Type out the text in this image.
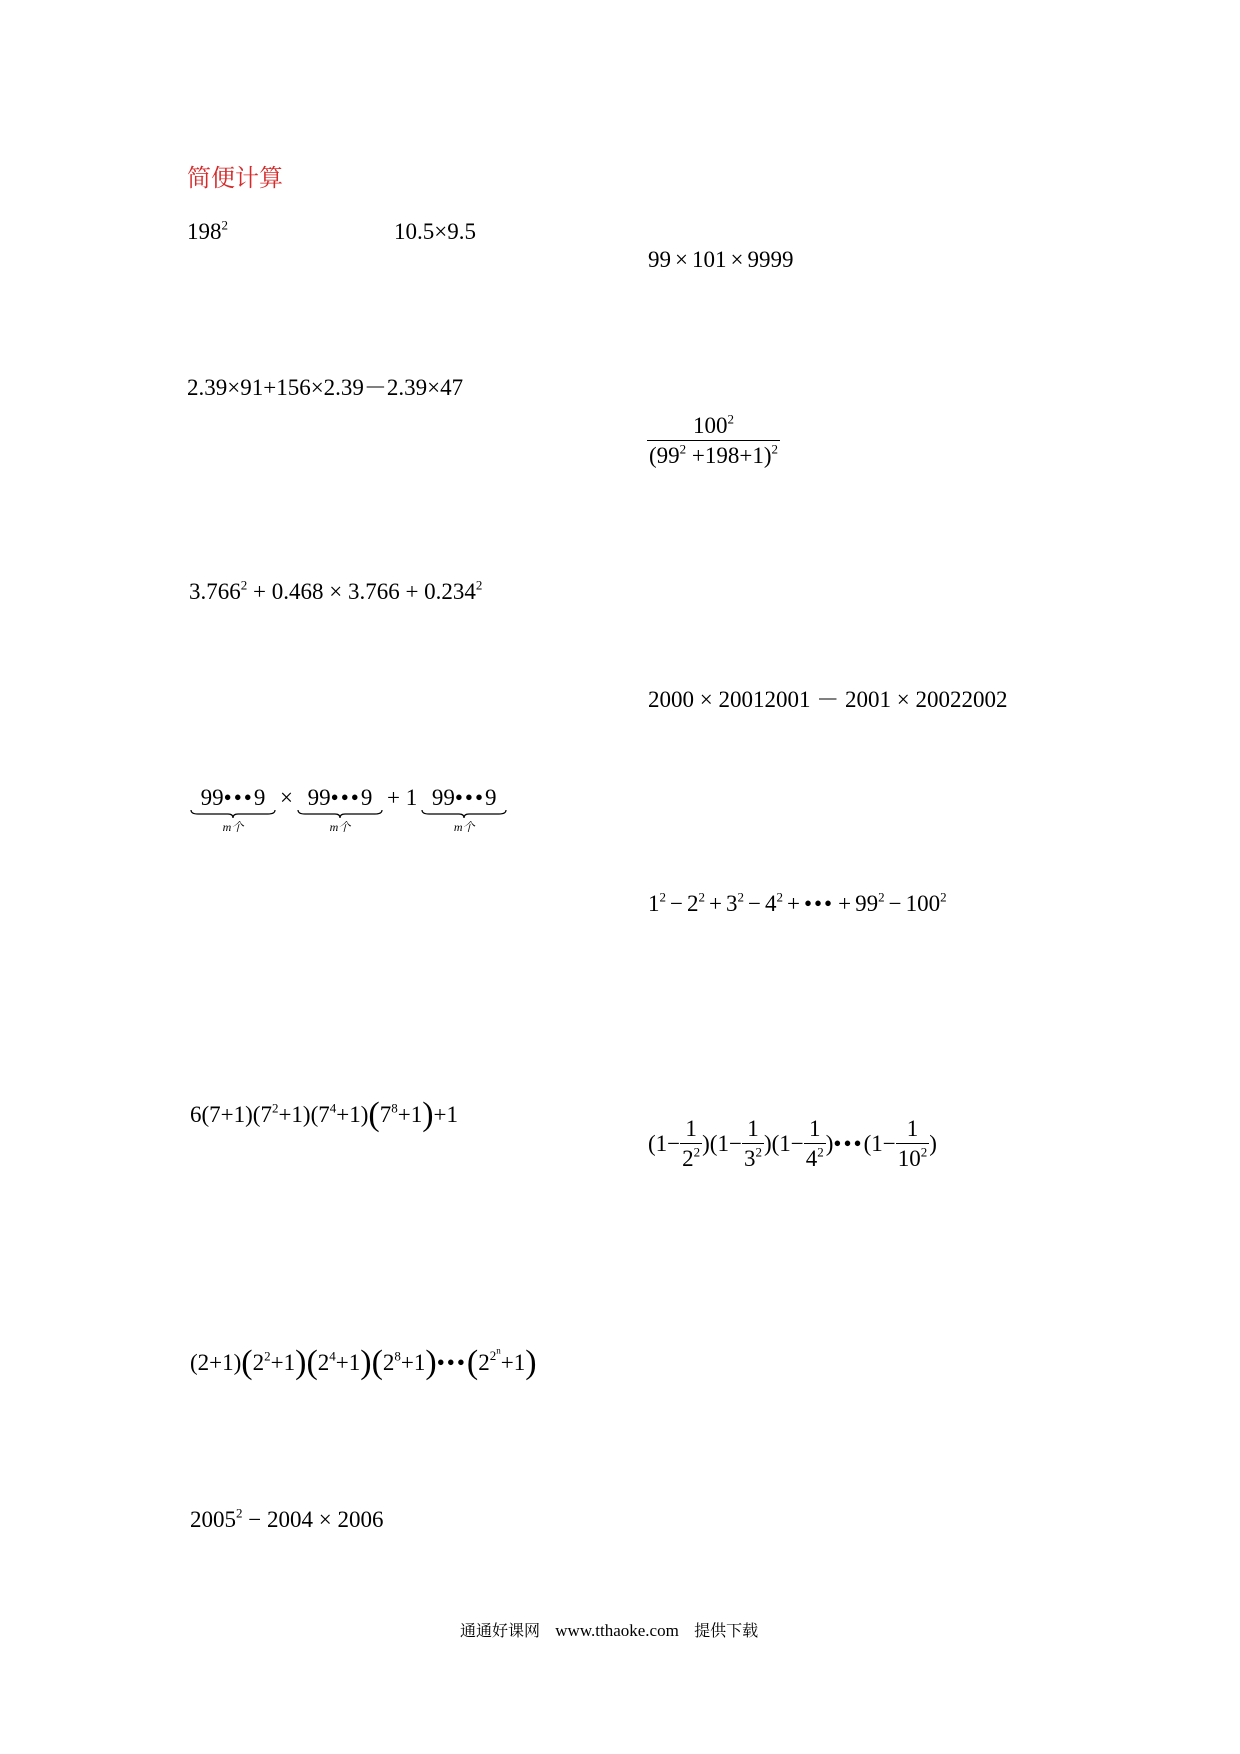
简便计算
$198^2$	10.5×9.5
99 × 101 × 9999
2.39×91+156×2.39－2.39×47
$\frac{100^2}{(99^2 +198+1)^2}$
$3.766^2 + 0.468 \times 3.766 + 0.234^2$
2000 × 20012001 － 2001 × 20022002
99•••9
m个
× 99•••9
m个
+ 1 99•••9
m个
$1^2 - 2^2 + 3^2 - 4^2$ + ••• + $99^2 - 100^2$
$6(7+1)(7^2+1)(7^4+1)(7^8+1)+1$
$(1- \frac{1}{2^2} )(1- \frac{1}{3^2} )(1- \frac{1}{4^2}$ )•••(1− $\frac{1}{10^2}$ )
$(2+1)(2^2+1)(2^4+1)(2^8+1)•••(2^{2^n}+1)$
$2005^2 - 2004 \times 2006$
通通好课网 www.tthaoke.com 提供下载
